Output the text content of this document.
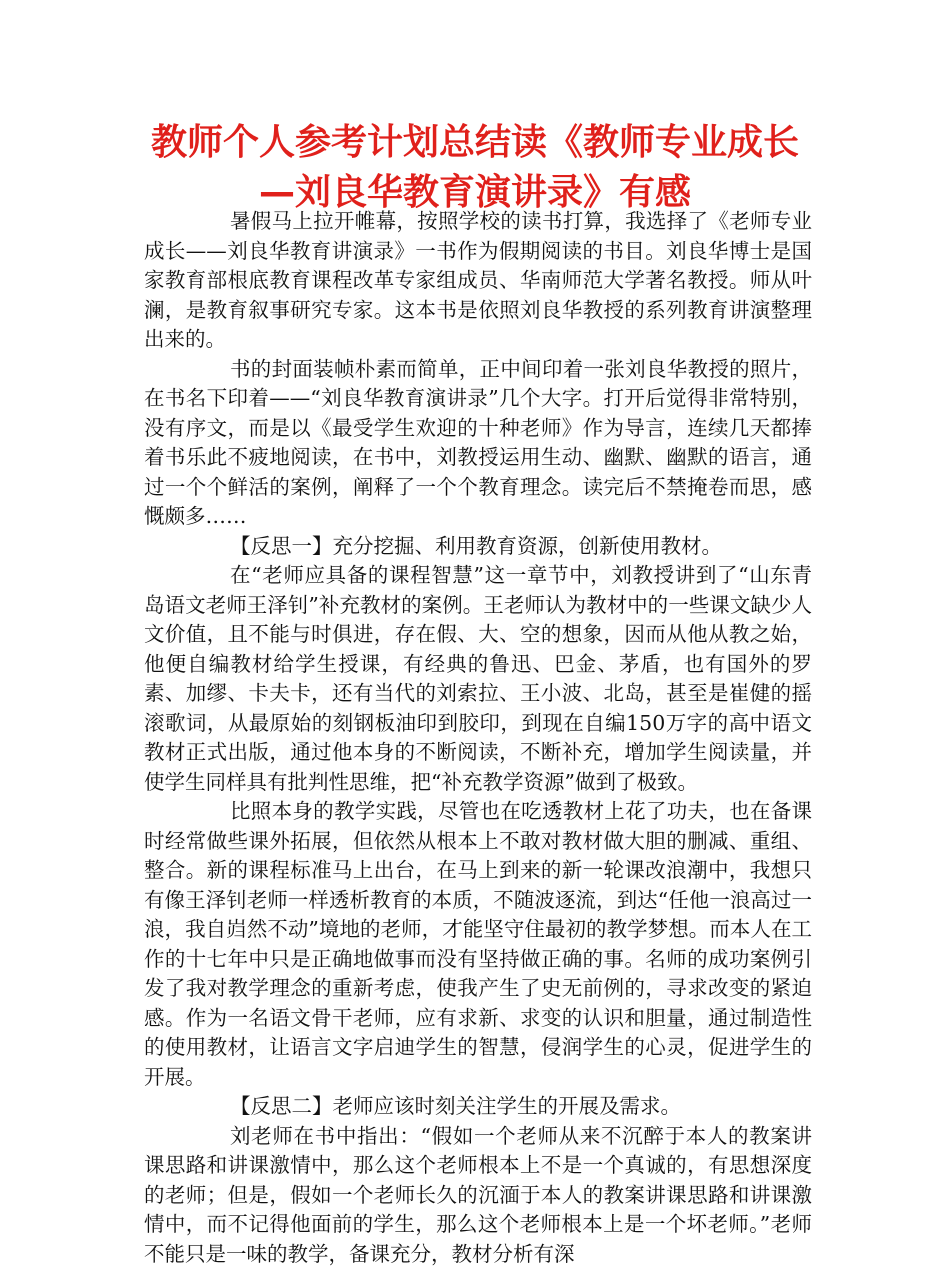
教师个人参考计划总结读《教师专业成长
—刘良华教育演讲录》有感

暑假马上拉开帷幕，按照学校的读书打算，我选择了《老师专业成长——刘良华教育讲演录》一书作为假期阅读的书目。刘良华博士是国家教育部根底教育课程改革专家组成员、华南师范大学著名教授。师从叶澜，是教育叙事研究专家。这本书是依照刘良华教授的系列教育讲演整理出来的。

书的封面装帧朴素而简单，正中间印着一张刘良华教授的照片，在书名下印着——“刘良华教育演讲录”几个大字。打开后觉得非常特别，没有序文，而是以《最受学生欢迎的十种老师》作为导言，连续几天都捧着书乐此不疲地阅读，在书中，刘教授运用生动、幽默、幽默的语言，通过一个个鲜活的案例，阐释了一个个教育理念。读完后不禁掩卷而思，感慨颇多……

【反思一】充分挖掘、利用教育资源，创新使用教材。

在“老师应具备的课程智慧”这一章节中，刘教授讲到了“山东青岛语文老师王泽钊”补充教材的案例。王老师认为教材中的一些课文缺少人文价值，且不能与时俱进，存在假、大、空的想象，因而从他从教之始，他便自编教材给学生授课，有经典的鲁迅、巴金、茅盾，也有国外的罗素、加缪、卡夫卡，还有当代的刘索拉、王小波、北岛，甚至是崔健的摇滚歌词，从最原始的刻钢板油印到胶印，到现在自编150万字的高中语文教材正式出版，通过他本身的不断阅读，不断补充，增加学生阅读量，并使学生同样具有批判性思维，把“补充教学资源”做到了极致。

比照本身的教学实践，尽管也在吃透教材上花了功夫，也在备课时经常做些课外拓展，但依然从根本上不敢对教材做大胆的删减、重组、整合。新的课程标准马上出台，在马上到来的新一轮课改浪潮中，我想只有像王泽钊老师一样透析教育的本质，不随波逐流，到达“任他一浪高过一浪，我自岿然不动”境地的老师，才能坚守住最初的教学梦想。而本人在工作的十七年中只是正确地做事而没有坚持做正确的事。名师的成功案例引发了我对教学理念的重新考虑，使我产生了史无前例的，寻求改变的紧迫感。作为一名语文骨干老师，应有求新、求变的认识和胆量，通过制造性的使用教材，让语言文字启迪学生的智慧，侵润学生的心灵，促进学生的开展。

【反思二】老师应该时刻关注学生的开展及需求。

刘老师在书中指出：“假如一个老师从来不沉醉于本人的教案讲课思路和讲课激情中，那么这个老师根本上不是一个真诚的，有思想深度的老师；但是，假如一个老师长久的沉湎于本人的教案讲课思路和讲课激情中，而不记得他面前的学生，那么这个老师根本上是一个坏老师。”老师不能只是一味的教学，备课充分，教材分析有深
